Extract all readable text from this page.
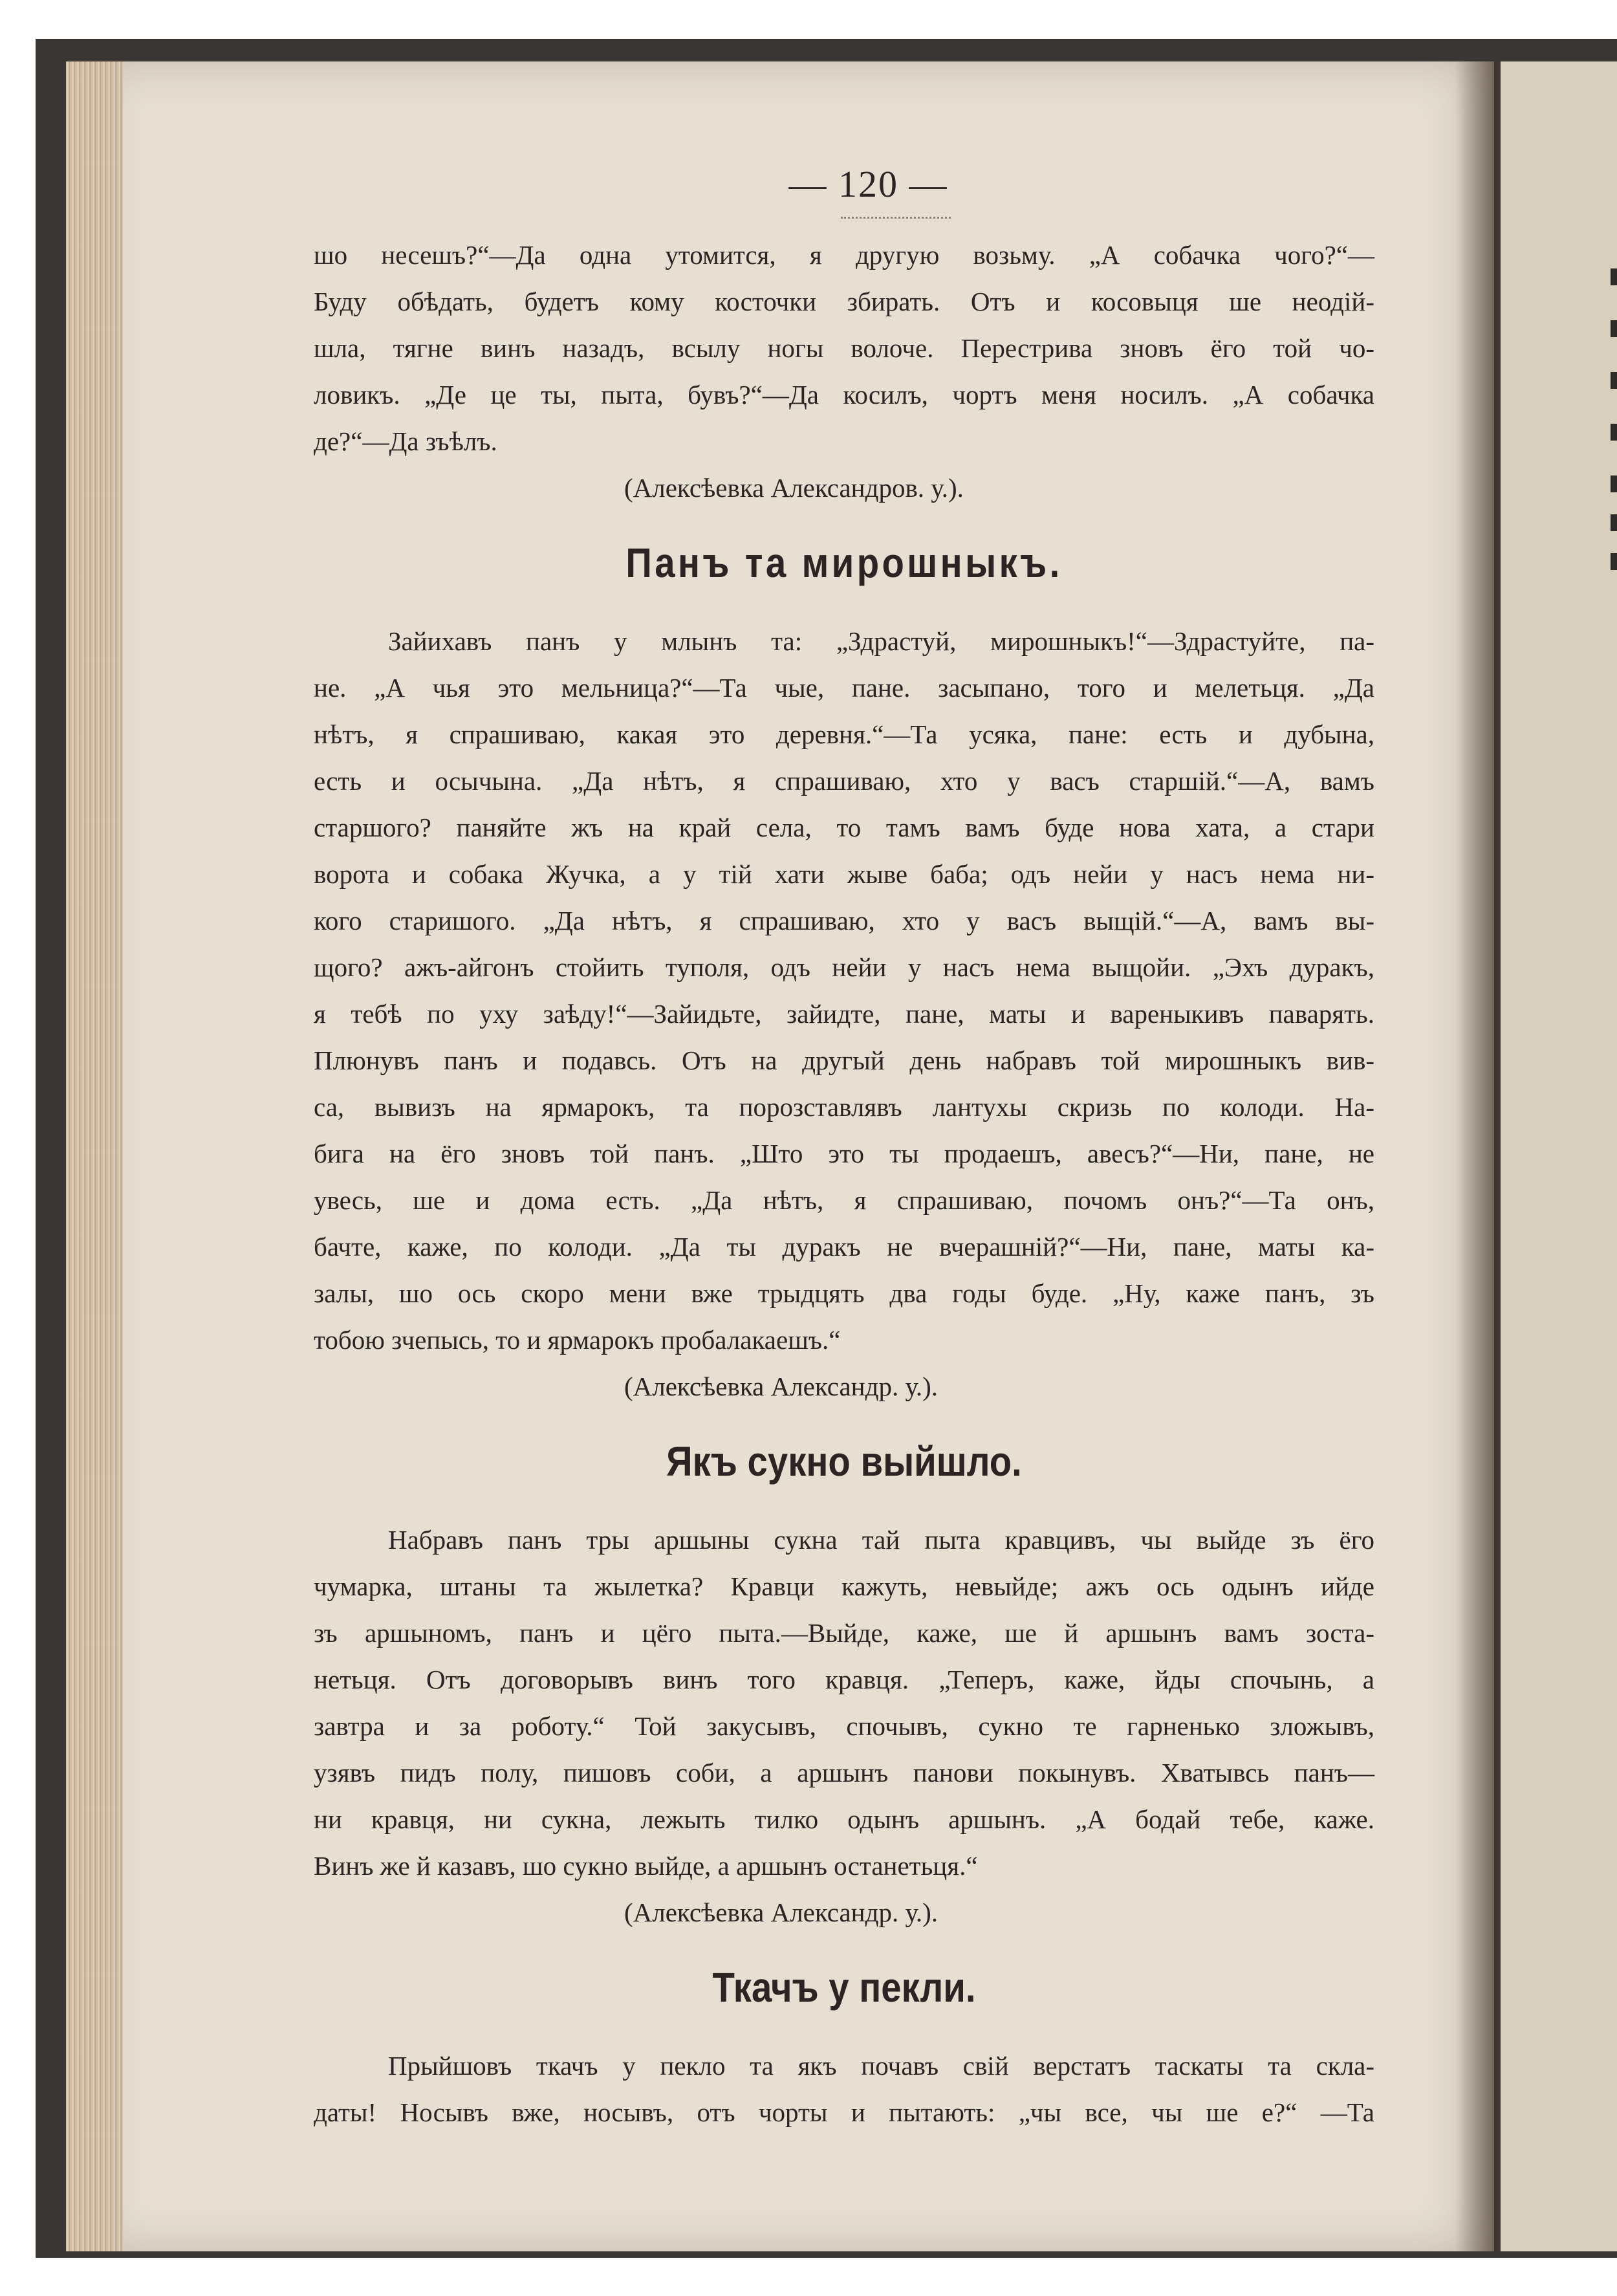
— 120 —

шо несешъ?“—Да одна утомится, я другую возьму. „А собачка чого?“—
Буду обѣдать, будетъ кому косточки збирать. Отъ и косовыця ше неодій-
шла, тягне винъ назадъ, всылу ногы волоче. Перестрива зновъ ёго той чо-
ловикъ. „Де це ты, пыта, бувъ?“—Да косилъ, чортъ меня носилъ. „А собачка
де?“—Да зъѣлъ.

(Алексѣевка Александров. у.).
Панъ та мирошныкъ.

Зайихавъ панъ у млынъ та: „Здрастуй, мирошныкъ!“—Здрастуйте, па-
не. „А чья это мельница?“—Та чые, пане. засыпано, того и мелетьця. „Да
нѣтъ, я спрашиваю, какая это деревня.“—Та усяка, пане: есть и дубына,
есть и осычына. „Да нѣтъ, я спрашиваю, хто у васъ старшій.“—А, вамъ
старшого? паняйте жъ на край села, то тамъ вамъ буде нова хата, а стари
ворота и собака Жучка, а у тій хати жыве баба; одъ нейи у насъ нема ни-
кого старишого. „Да нѣтъ, я спрашиваю, хто у васъ выщій.“—А, вамъ вы-
щого? ажъ-айгонъ стойить туполя, одъ нейи у насъ нема выщойи. „Эхъ дуракъ,
я тебѣ по уху заѣду!“—Зайидьте, зайидте, пане, маты и вареныкивъ паварять.
Плюнувъ панъ и подавсь. Отъ на другый день набравъ той мирошныкъ вив-
са, вывизъ на ярмарокъ, та порозставлявъ лантухы скризь по колоди. На-
бига на ёго зновъ той панъ. „Што это ты продаешъ, авесъ?“—Ни, пане, не
увесь, ше и дома есть. „Да нѣтъ, я спрашиваю, почомъ онъ?“—Та онъ,
бачте, каже, по колоди. „Да ты дуракъ не вчерашній?“—Ни, пане, маты ка-
залы, шо ось скоро мени вже трыдцять два годы буде. „Ну, каже панъ, зъ
тобою зчепысь, то и ярмарокъ пробалакаешъ.“

(Алексѣевка Александр. у.).
Якъ сукно выйшло.

Набравъ панъ тры аршыны сукна тай пыта кравцивъ, чы выйде зъ ёго
чумарка, штаны та жылетка? Кравци кажуть, невыйде; ажъ ось одынъ ийде
зъ аршыномъ, панъ и цёго пыта.—Выйде, каже, ше й аршынъ вамъ зоста-
нетьця. Отъ договорывъ винъ того кравця. „Теперъ, каже, йды спочынь, а
завтра и за роботу.“ Той закусывъ, спочывъ, сукно те гарненько зложывъ,
узявъ пидъ полу, пишовъ соби, а аршынъ панови покынувъ. Хватывсь панъ—
ни кравця, ни сукна, лежыть тилко одынъ аршынъ. „А бодай тебе, каже.
Винъ же й казавъ, шо сукно выйде, а аршынъ останетьця.“

(Алексѣевка Александр. у.).
Ткачъ у пекли.

Прыйшовъ ткачъ у пекло та якъ почавъ свій верстатъ таскаты та скла-
даты! Носывъ вже, носывъ, отъ чорты и пытають: „чы все, чы ше е?“ —Та
